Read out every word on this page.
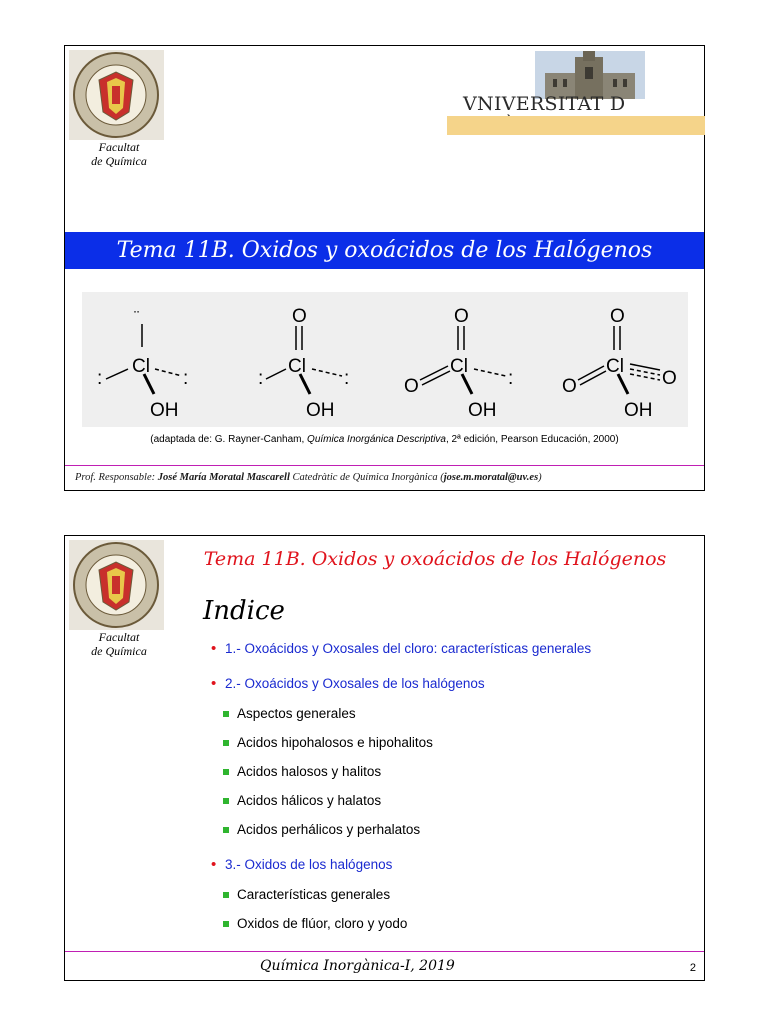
Facultat
de Química
VNIVERSITAT D
Tema 11B. Oxidos y oxoácidos de los Halógenos
¨
Cl
:	:
OH
O
Cl
:	:
OH
O
Cl
O	:
OH
O
Cl
O	O
OH
(adaptada de: G. Rayner-Canham, Química Inorgánica Descriptiva, 2ª edición, Pearson Educación, 2000)
Prof. Responsable: José María Moratal Mascarell Catedràtic de Química Inorgànica (jose.m.moratal@uv.es)
Facultat
de Química
Tema 11B. Oxidos y oxoácidos de los Halógenos
Indice
• 1.- Oxoácidos y Oxosales del cloro: características generales
• 2.- Oxoácidos y Oxosales de los halógenos
Aspectos generales
Acidos hipohalosos e hipohalitos
Acidos halosos y halitos
Acidos hálicos y halatos
Acidos perhálicos y perhalatos
• 3.- Oxidos de los halógenos
Características generales
Oxidos de flúor, cloro y yodo
Química Inorgànica-I, 2019	2
